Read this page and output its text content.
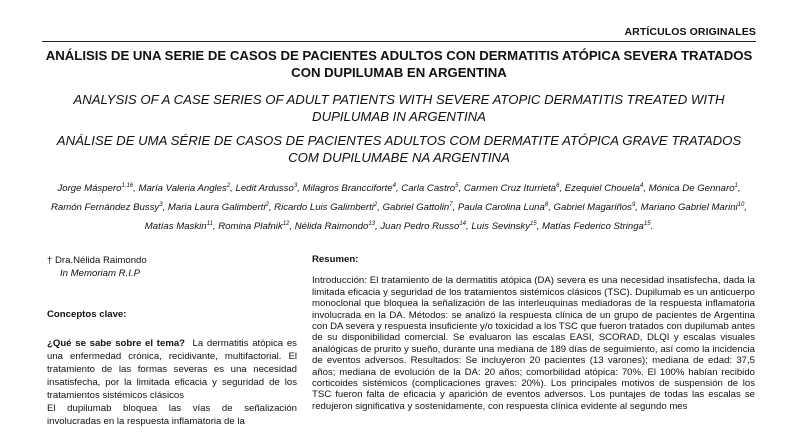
ARTÍCULOS ORIGINALES
ANÁLISIS DE UNA SERIE DE CASOS DE PACIENTES ADULTOS CON DERMATITIS ATÓPICA SEVERA TRATADOS CON DUPILUMAB EN ARGENTINA
ANALYSIS OF A CASE SERIES OF ADULT PATIENTS WITH SEVERE ATOPIC DERMATITIS TREATED WITH DUPILUMAB IN ARGENTINA
ANÁLISE DE UMA SÉRIE DE CASOS DE PACIENTES ADULTOS COM DERMATITE ATÓPICA GRAVE TRATADOS COM DUPILUMABE NA ARGENTINA
Jorge Máspero$^{1,16}$, María Valeria Angles$^2$, Ledit Ardusso$^3$, Milagros Brancciforte$^4$, Carla Castro$^5$, Carmen Cruz Iturrieta$^6$, Ezequiel Chouela$^4$, Mónica De Gennaro$^1$, Ramón Fernández Bussy$^3$, Maria Laura Galimberti$^2$, Ricardo Luis Galimberti$^2$, Gabriel Gattolin$^7$, Paula Carolina Luna$^8$, Gabriel Magariños$^9$, Mariano Gabriel Marini$^{10}$, Matías Maskin$^{11}$, Romina Plafnik$^{12}$, Nélida Raimondo$^{13}$, Juan Pedro Russo$^{14}$, Luis Sevinsky$^{15}$, Matías Federico Stringa$^{15}$.
† Dra.Nélida Raimondo
In Memoriam R.I.P
Conceptos clave:
¿Qué se sabe sobre el tema? La dermatitis atópica es una enfermedad crónica, recidivante, multifactorial. El tratamiento de las formas severas es una necesidad insatisfecha, por la limitada eficacia y seguridad de los tratamientos sistémicos clásicos
El dupilumab bloquea las vías de señalización involucradas en la respuesta inflamatoria de la
Resumen:
Introducción: El tratamiento de la dermatitis atópica (DA) severa es una necesidad insatisfecha, dada la limitada eficacia y seguridad de los tratamientos sistémicos clásicos (TSC). Dupilumab es un anticuerpo monoclonal que bloquea la señalización de las interleuquinas mediadoras de la respuesta inflamatoria involucrada en la DA. Métodos: se analizó la respuesta clínica de un grupo de pacientes de Argentina con DA severa y respuesta insuficiente y/o toxicidad a los TSC que fueron tratados con dupilumab antes de su disponibilidad comercial. Se evaluaron las escalas EASI, SCORAD, DLQI y escalas visuales analógicas de prurito y sueño, durante una mediana de 189 días de seguimiento, así como la incidencia de eventos adversos. Resultados: Se incluyeron 20 pacientes (13 varones); mediana de edad: 37,5 años; mediana de evolución de la DA: 20 años; comorbilidad atópica: 70%. El 100% habían recibido corticoides sistémicos (complicaciones graves: 20%). Los principales motivos de suspensión de los TSC fueron falta de eficacia y aparición de eventos adversos. Los puntajes de todas las escalas se redujeron significativa y sostenidamente, con respuesta clínica evidente al segundo mes
